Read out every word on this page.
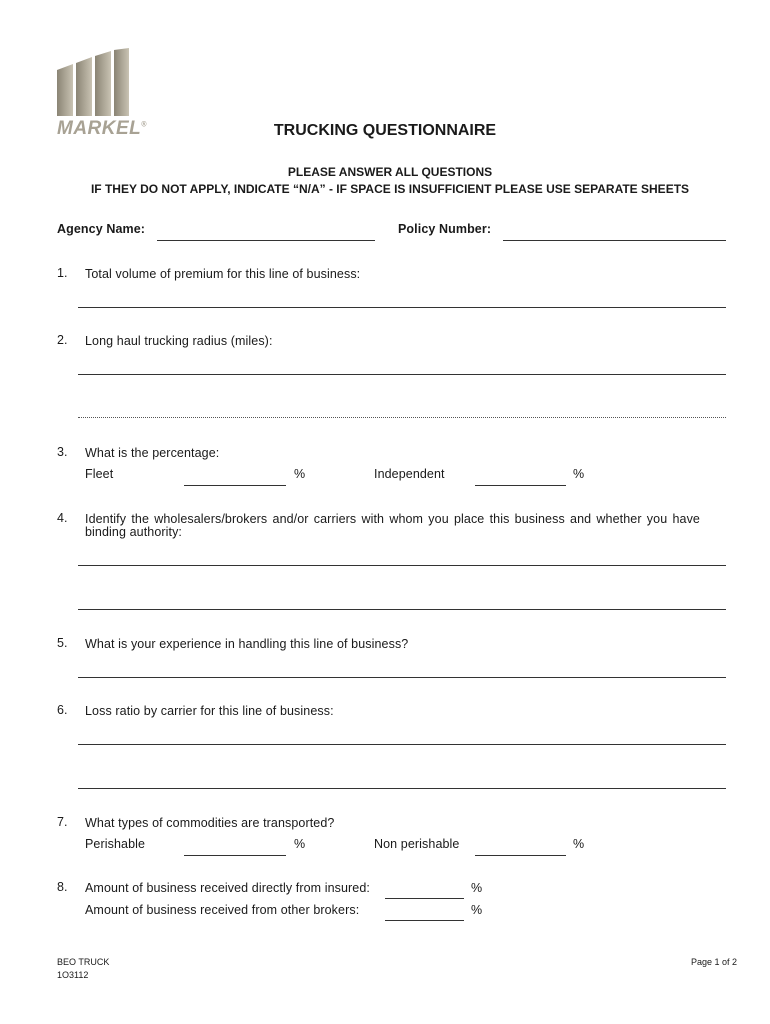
MARKEL®	TRUCKING QUESTIONNAIRE
PLEASE ANSWER ALL QUESTIONS
IF THEY DO NOT APPLY, INDICATE “N/A” - IF SPACE IS INSUFFICIENT PLEASE USE SEPARATE SHEETS
Agency Name:	Policy Number:
1. Total volume of premium for this line of business:
2. Long haul trucking radius (miles):
3. What is the percentage:
Fleet	%	Independent	%
4. Identify the wholesalers/brokers and/or carriers with whom you place this business and whether you have
binding authority:
5. What is your experience in handling this line of business?
6. Loss ratio by carrier for this line of business:
7. What types of commodities are transported?
Perishable	%	Non perishable	%
8. Amount of business received directly from insured:	%
Amount of business received from other brokers:	%
BEO TRUCK
1O3112
Page 1 of 2
